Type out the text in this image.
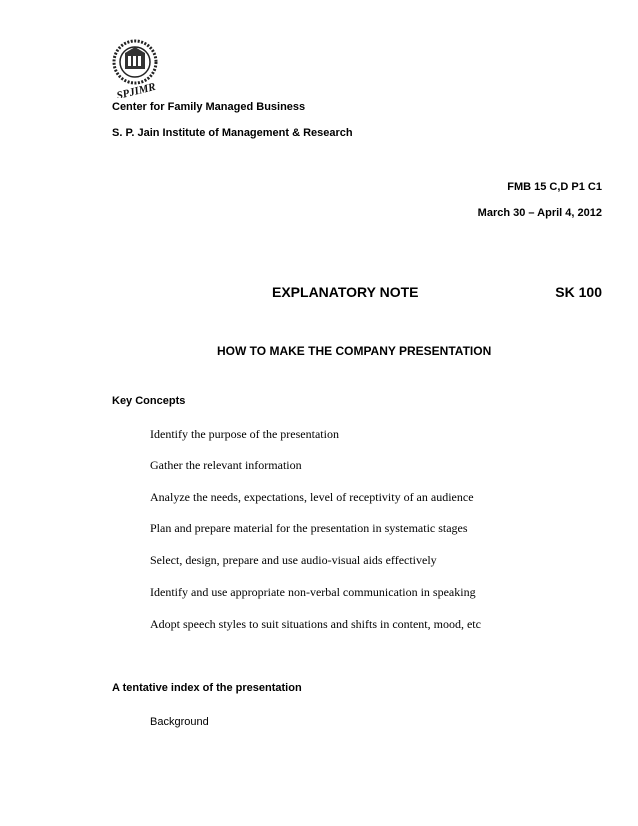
SPJIMR
Center for Family Managed Business
S. P. Jain Institute of Management & Research
FMB 15 C,D P1 C1
March 30 – April 4, 2012
EXPLANATORY NOTE	SK 100
HOW TO MAKE THE COMPANY PRESENTATION
Key Concepts
Identify the purpose of the presentation
Gather the relevant information
Analyze the needs, expectations, level of receptivity of an audience
Plan and prepare material for the presentation in systematic stages
Select, design, prepare and use audio-visual aids effectively
Identify and use appropriate non-verbal communication in speaking
Adopt speech styles to suit situations and shifts in content, mood, etc
A tentative index of the presentation
Background
